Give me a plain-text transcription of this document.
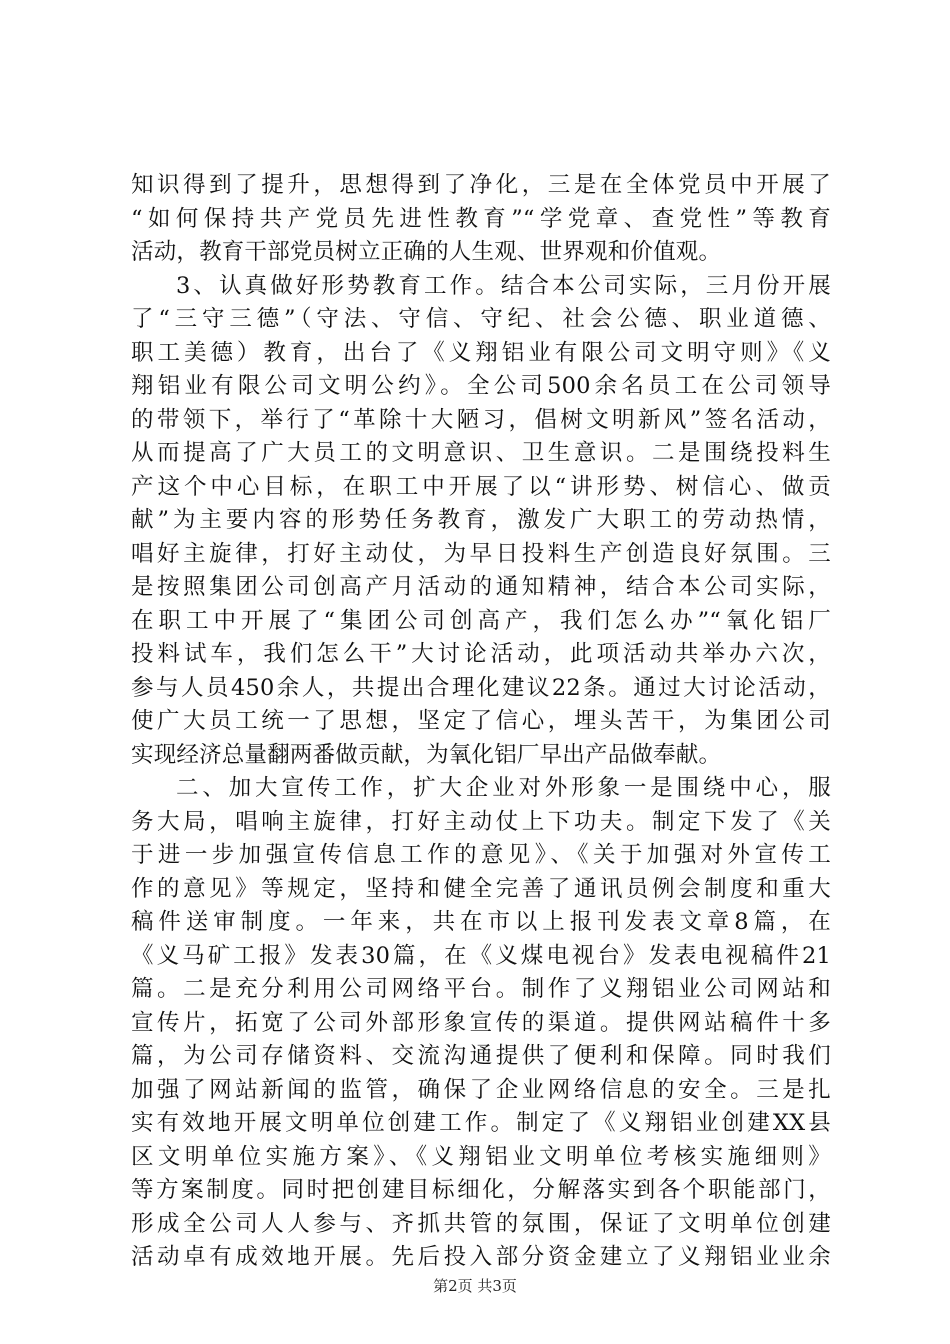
知识得到了提升，思想得到了净化，三是在全体党员中开展了
“如何保持共产党员先进性教育”“学党章、查党性”等教育
活动，教育干部党员树立正确的人生观、世界观和价值观。
3、认真做好形势教育工作。结合本公司实际，三月份开展
了“三守三德”（守法、守信、守纪、社会公德、职业道德、
职工美德）教育，出台了《义翔铝业有限公司文明守则》《义
翔铝业有限公司文明公约》。全公司500余名员工在公司领导
的带领下，举行了“革除十大陋习，倡树文明新风”签名活动，
从而提高了广大员工的文明意识、卫生意识。二是围绕投料生
产这个中心目标，在职工中开展了以“讲形势、树信心、做贡
献”为主要内容的形势任务教育，激发广大职工的劳动热情，
唱好主旋律，打好主动仗，为早日投料生产创造良好氛围。三
是按照集团公司创高产月活动的通知精神，结合本公司实际，
在职工中开展了“集团公司创高产，我们怎么办”“氧化铝厂
投料试车，我们怎么干”大讨论活动，此项活动共举办六次，
参与人员450余人，共提出合理化建议22条。通过大讨论活动，
使广大员工统一了思想，坚定了信心，埋头苦干，为集团公司
实现经济总量翻两番做贡献，为氧化铝厂早出产品做奉献。
二、加大宣传工作，扩大企业对外形象一是围绕中心，服
务大局，唱响主旋律，打好主动仗上下功夫。制定下发了《关
于进一步加强宣传信息工作的意见》、《关于加强对外宣传工
作的意见》等规定，坚持和健全完善了通讯员例会制度和重大
稿件送审制度。一年来，共在市以上报刊发表文章8篇，在
《义马矿工报》发表30篇，在《义煤电视台》发表电视稿件21
篇。二是充分利用公司网络平台。制作了义翔铝业公司网站和
宣传片，拓宽了公司外部形象宣传的渠道。提供网站稿件十多
篇，为公司存储资料、交流沟通提供了便利和保障。同时我们
加强了网站新闻的监管，确保了企业网络信息的安全。三是扎
实有效地开展文明单位创建工作。制定了《义翔铝业创建XX县
区文明单位实施方案》、《义翔铝业文明单位考核实施细则》
等方案制度。同时把创建目标细化，分解落实到各个职能部门，
形成全公司人人参与、齐抓共管的氛围，保证了文明单位创建
活动卓有成效地开展。先后投入部分资金建立了义翔铝业业余
第2页 共3页
